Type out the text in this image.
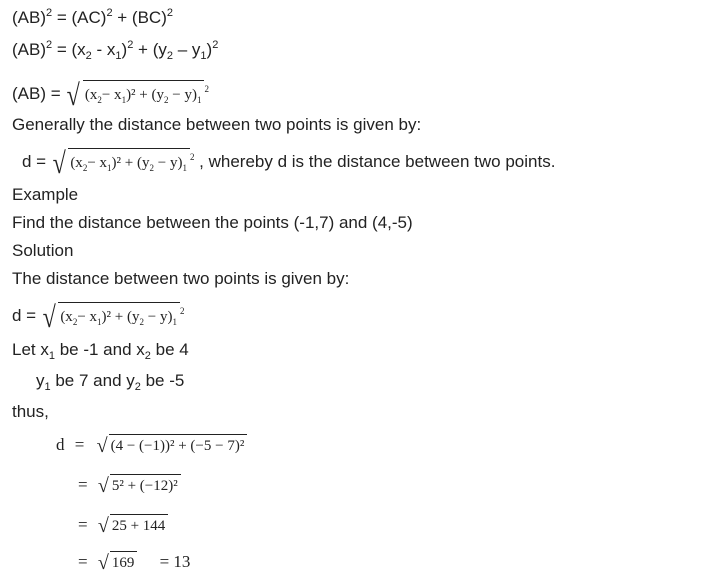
(AB)$^2$ = (AC)$^2$ + (BC)$^2$
$(AB)^2 = (x_2 - x_1)^2 + (y_2 - y_1)^2$
(AB) = √ $(x_2- x_1)^2 + (y_2 - y)_1^2$
Generally the distance between two points is given by:
d = √ $(x_2- x_1)^2 + (y_2 - y)_1^2$ , whereby d is the distance between two points.
Example
Find the distance between the points (-1,7) and (4,-5)
Solution
The distance between two points is given by:
d = √ $(x_2- x_1)^2 + (y_2 - y)_1^2$
Let $x_1$ be -1 and $x_2$ be 4
$y_1$ be 7 and $y_2$ be -5
thus,
d = √ (4 − (−1))² + (−5 − 7)²
= √ 5² + (−12)²
= √ 25 + 144
= √ 169 = 13
